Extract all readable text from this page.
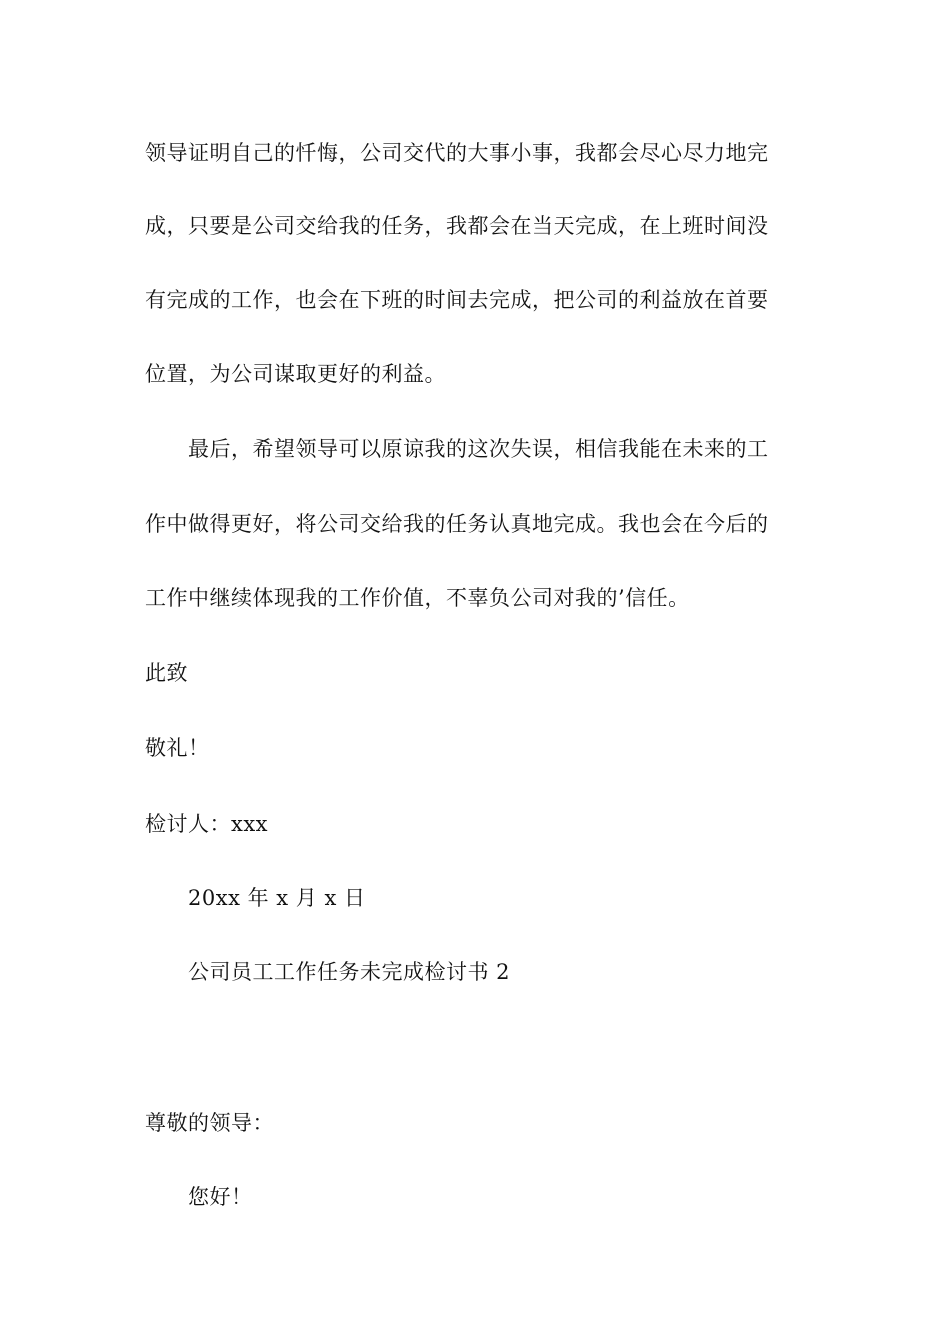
领导证明自己的忏悔，公司交代的大事小事，我都会尽心尽力地完
成，只要是公司交给我的任务，我都会在当天完成，在上班时间没
有完成的工作，也会在下班的时间去完成，把公司的利益放在首要
位置，为公司谋取更好的利益。
最后，希望领导可以原谅我的这次失误，相信我能在未来的工
作中做得更好，将公司交给我的任务认真地完成。我也会在今后的
工作中继续体现我的工作价值，不辜负公司对我的’信任。
此致
敬礼！
检讨人：xxx
20xx 年 x 月 x 日
公司员工工作任务未完成检讨书 2
尊敬的领导：
您好！
